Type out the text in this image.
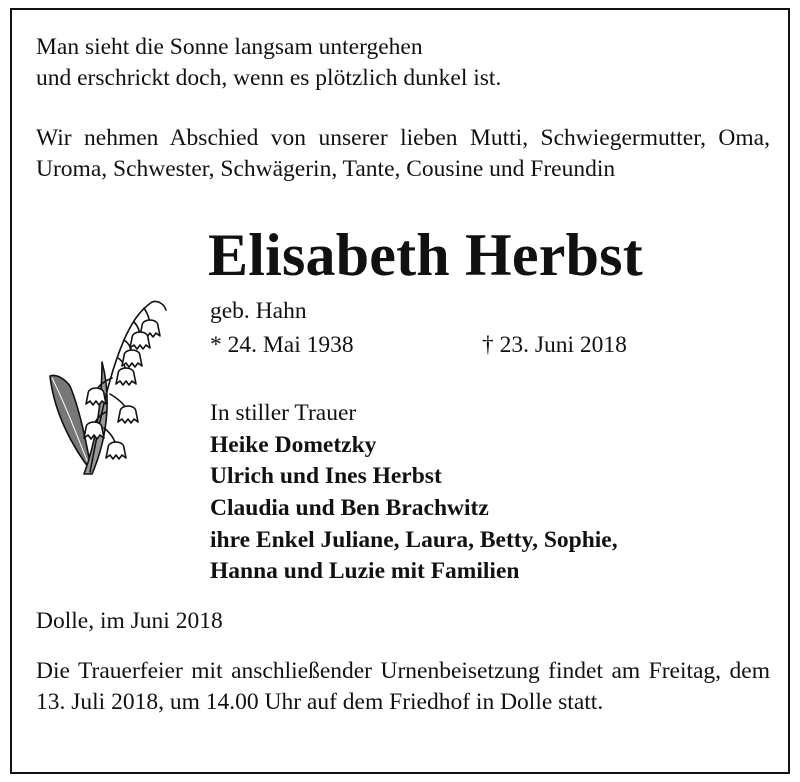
Man sieht die Sonne langsam untergehen
und erschrickt doch, wenn es plötzlich dunkel ist.
Wir nehmen Abschied von unserer lieben Mutti, Schwiegermutter, Oma, Uroma, Schwester, Schwägerin, Tante, Cousine und Freundin
Elisabeth Herbst
geb. Hahn
* 24. Mai 1938	† 23. Juni 2018
In stiller Trauer
Heike Dometzky
Ulrich und Ines Herbst
Claudia und Ben Brachwitz
ihre Enkel Juliane, Laura, Betty, Sophie,
Hanna und Luzie mit Familien
Dolle, im Juni 2018
Die Trauerfeier mit anschließender Urnenbeisetzung findet am Freitag, dem 13. Juli 2018, um 14.00 Uhr auf dem Friedhof in Dolle statt.
